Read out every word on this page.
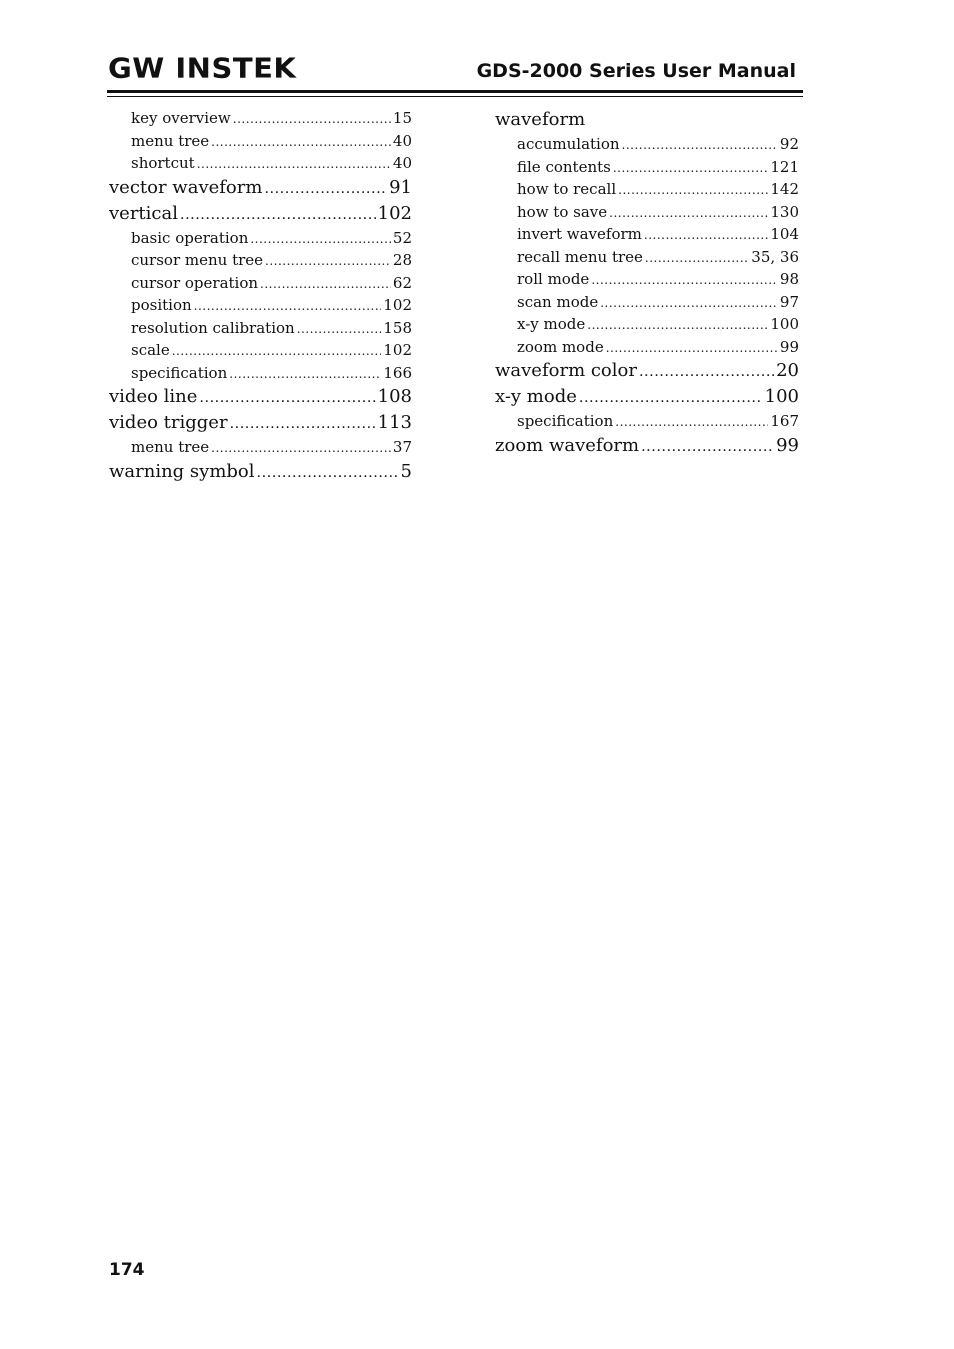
GW INSTEK	GDS-2000 Series User Manual
key overview .....	15
menu tree .....	40
shortcut .....	40
vector waveform .....	91
vertical .....	102
basic operation .....	52
cursor menu tree .....	28
cursor operation .....	62
position .....	102
resolution calibration .....	158
scale .....	102
specification .....	166
video line .....	108
video trigger .....	113
menu tree .....	37
warning symbol .....	5
waveform
accumulation .....	92
file contents .....	121
how to recall .....	142
how to save .....	130
invert waveform .....	104
recall menu tree .....	35, 36
roll mode .....	98
scan mode .....	97
x-y mode .....	100
zoom mode .....	99
waveform color .....	20
x-y mode .....	100
specification .....	167
zoom waveform .....	99
174
